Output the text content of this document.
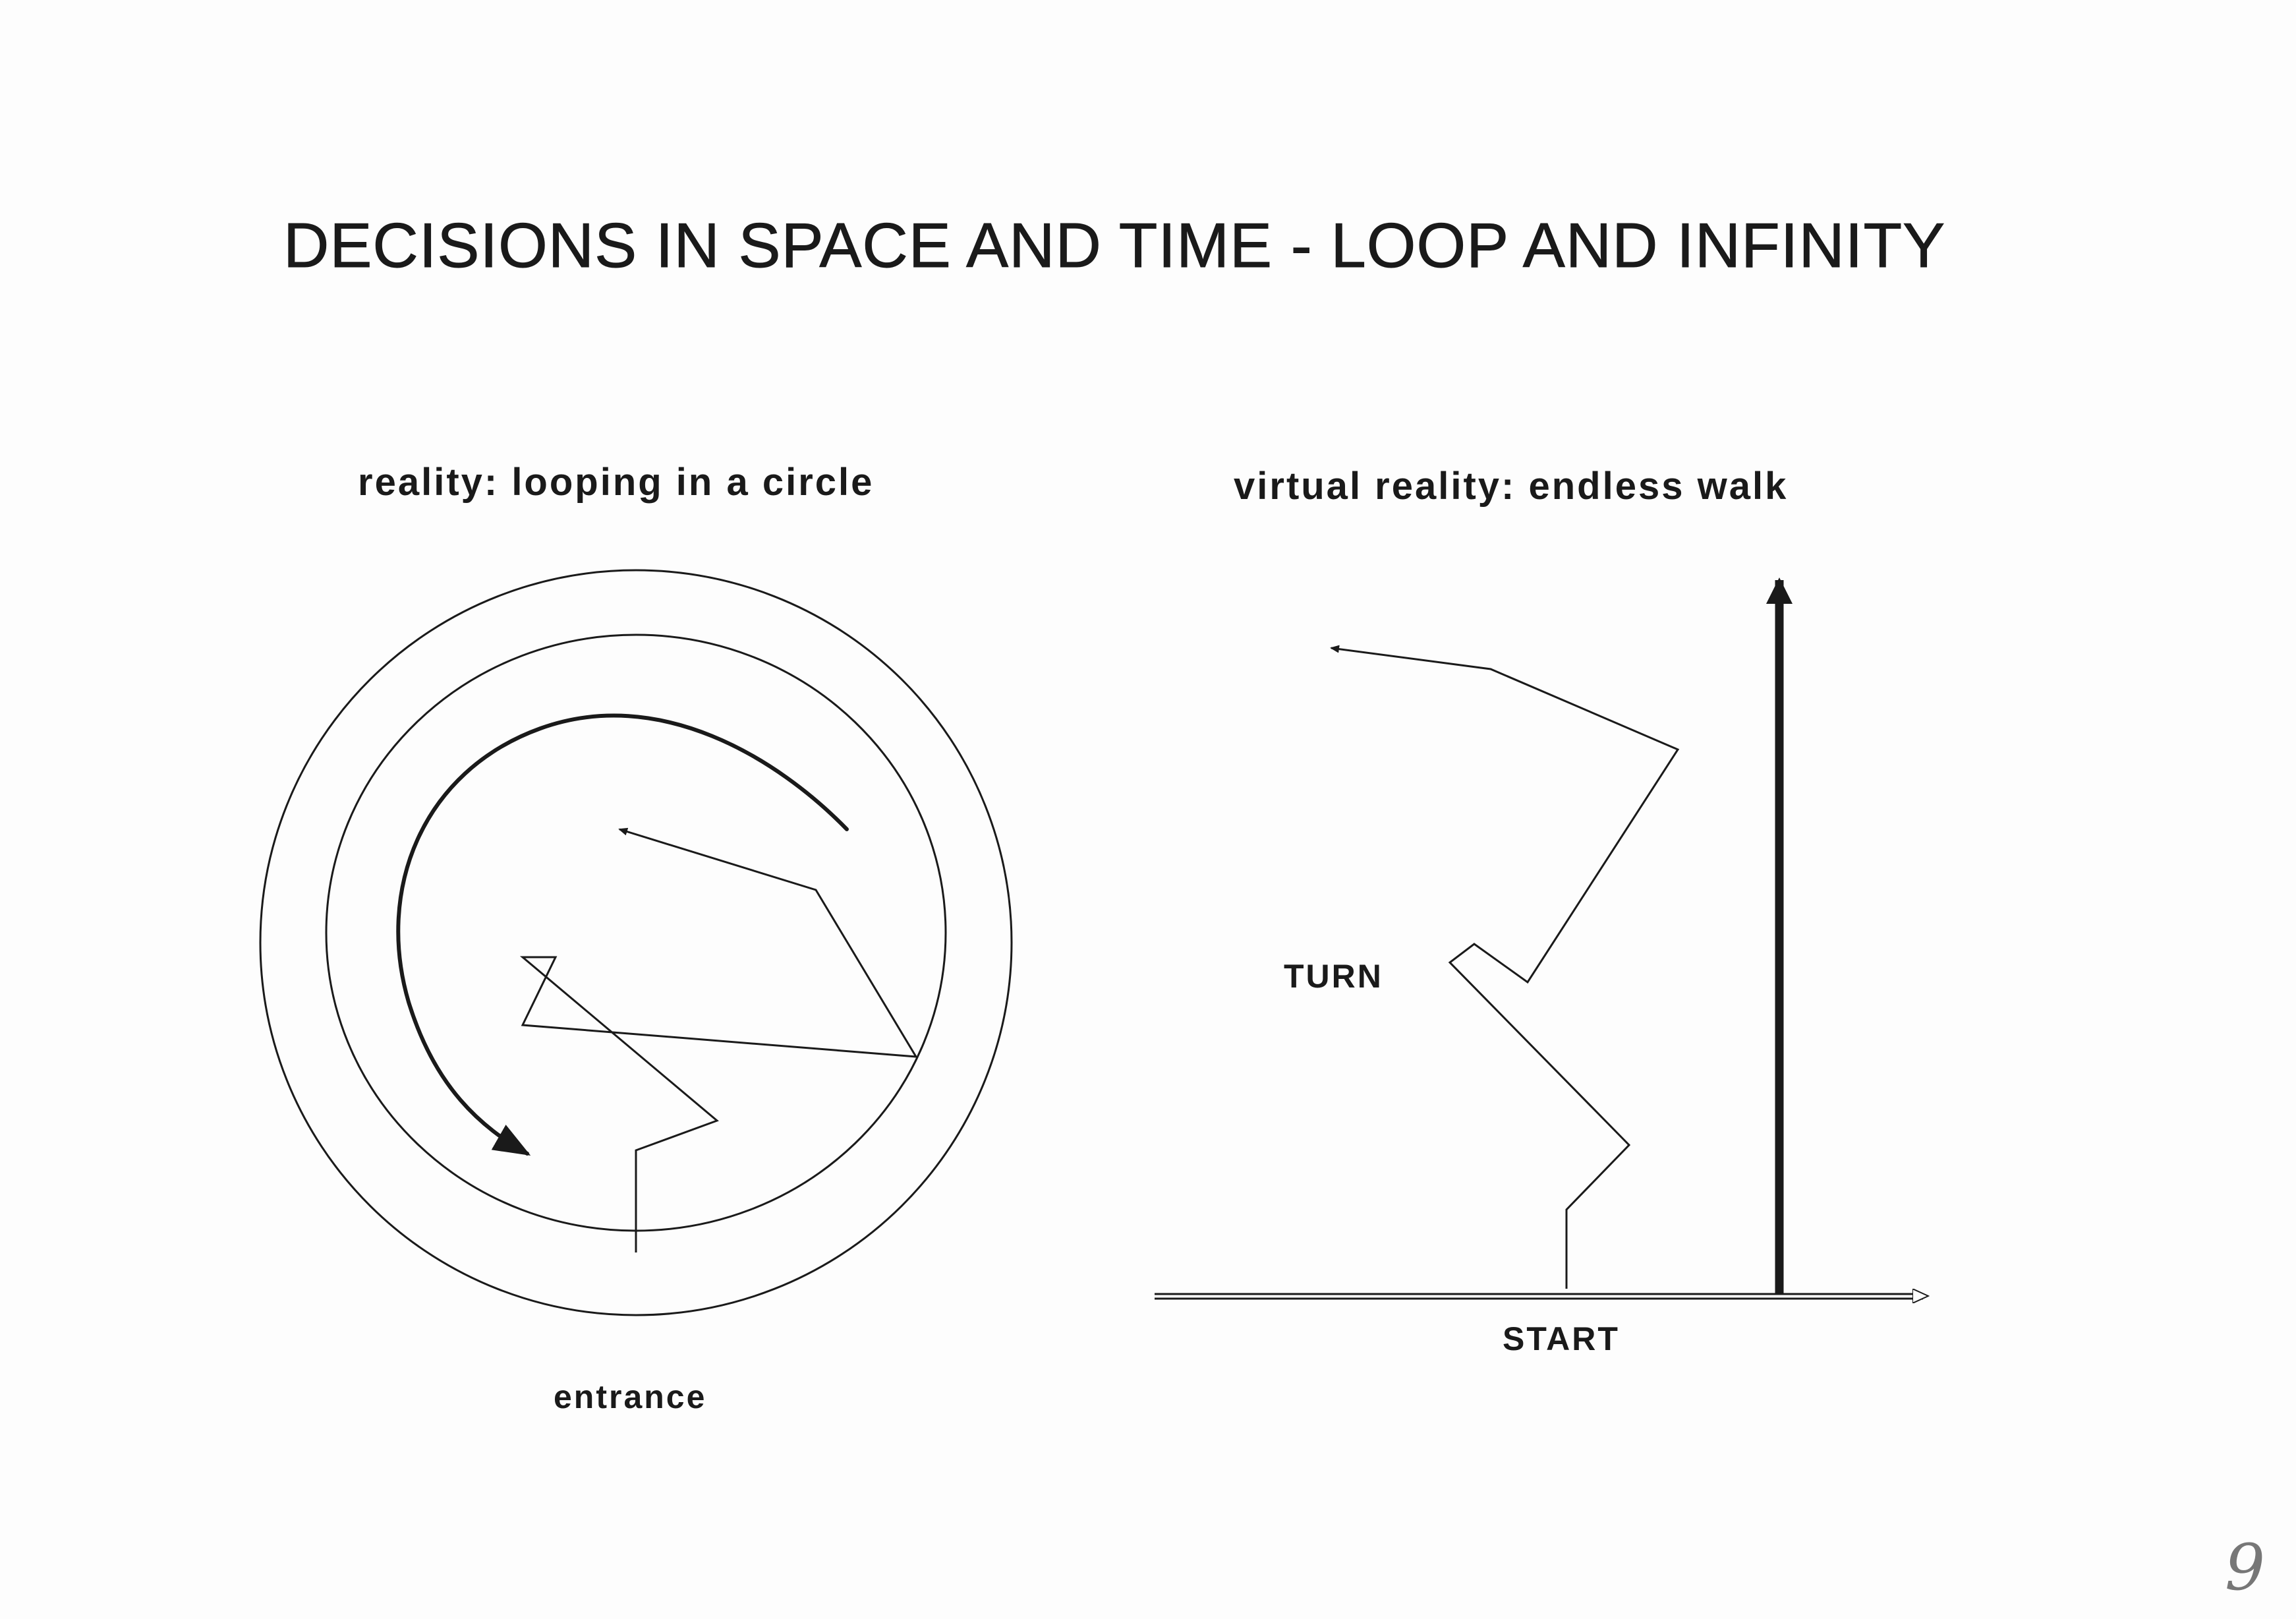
DECISIONS IN SPACE AND TIME - LOOP AND INFINITY
reality: looping in a circle	virtual reality: endless walk
entrance
TURN
START
9
